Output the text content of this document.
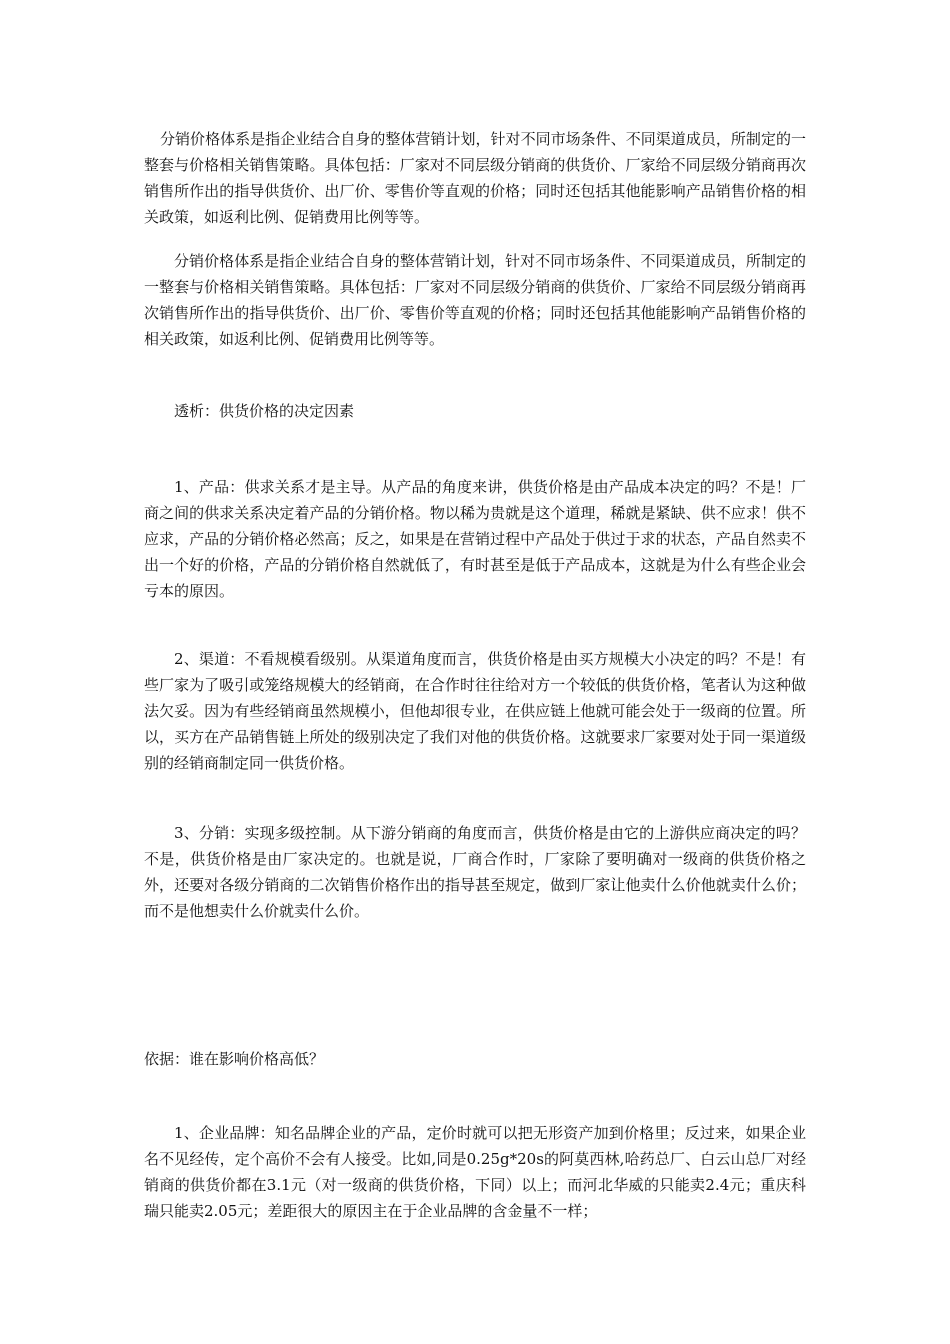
分销价格体系是指企业结合自身的整体营销计划，针对不同市场条件、不同渠道成员，所制定的一整套与价格相关销售策略。具体包括：厂家对不同层级分销商的供货价、厂家给不同层级分销商再次销售所作出的指导供货价、出厂价、零售价等直观的价格；同时还包括其他能影响产品销售价格的相关政策，如返利比例、促销费用比例等等。

分销价格体系是指企业结合自身的整体营销计划，针对不同市场条件、不同渠道成员，所制定的一整套与价格相关销售策略。具体包括：厂家对不同层级分销商的供货价、厂家给不同层级分销商再次销售所作出的指导供货价、出厂价、零售价等直观的价格；同时还包括其他能影响产品销售价格的相关政策，如返利比例、促销费用比例等等。

透析：供货价格的决定因素

1、产品：供求关系才是主导。从产品的角度来讲，供货价格是由产品成本决定的吗？不是！厂商之间的供求关系决定着产品的分销价格。物以稀为贵就是这个道理，稀就是紧缺、供不应求！供不应求，产品的分销价格必然高；反之，如果是在营销过程中产品处于供过于求的状态，产品自然卖不出一个好的价格，产品的分销价格自然就低了，有时甚至是低于产品成本，这就是为什么有些企业会亏本的原因。

2、渠道：不看规模看级别。从渠道角度而言，供货价格是由买方规模大小决定的吗？不是！有些厂家为了吸引或笼络规模大的经销商，在合作时往往给对方一个较低的供货价格，笔者认为这种做法欠妥。因为有些经销商虽然规模小，但他却很专业，在供应链上他就可能会处于一级商的位置。所以，买方在产品销售链上所处的级别决定了我们对他的供货价格。这就要求厂家要对处于同一渠道级别的经销商制定同一供货价格。

3、分销：实现多级控制。从下游分销商的角度而言，供货价格是由它的上游供应商决定的吗？不是，供货价格是由厂家决定的。也就是说，厂商合作时，厂家除了要明确对一级商的供货价格之外，还要对各级分销商的二次销售价格作出的指导甚至规定，做到厂家让他卖什么价他就卖什么价；而不是他想卖什么价就卖什么价。

依据：谁在影响价格高低？

1、企业品牌：知名品牌企业的产品，定价时就可以把无形资产加到价格里；反过来，如果企业名不见经传，定个高价不会有人接受。比如,同是0.25g*20s的阿莫西林,哈药总厂、白云山总厂对经销商的供货价都在3.1元（对一级商的供货价格，下同）以上；而河北华威的只能卖2.4元；重庆科瑞只能卖2.05元；差距很大的原因主在于企业品牌的含金量不一样；
